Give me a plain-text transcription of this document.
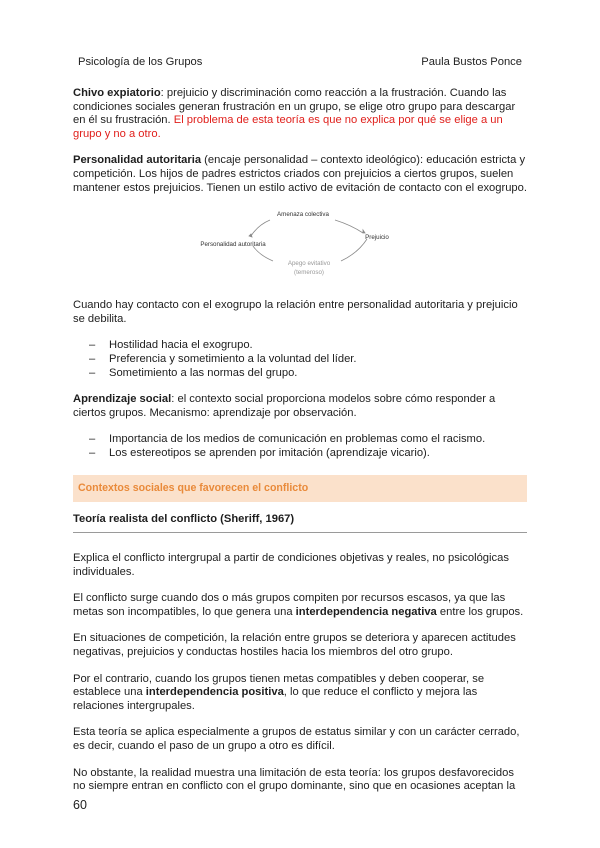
Psicología de los Grupos	Paula Bustos Ponce

Chivo expiatorio: prejuicio y discriminación como reacción a la frustración. Cuando las condiciones sociales generan frustración en un grupo, se elige otro grupo para descargar en él su frustración. El problema de esta teoría es que no explica por qué se elige a un grupo y no a otro.

Personalidad autoritaria (encaje personalidad – contexto ideológico): educación estricta y competición. Los hijos de padres estrictos criados con prejuicios a ciertos grupos, suelen mantener estos prejuicios. Tienen un estilo activo de evitación de contacto con el exogrupo.

Amenaza colectiva
Prejuicio
Personalidad autoritaria
Apego evitativo
(temeroso)

Cuando hay contacto con el exogrupo la relación entre personalidad autoritaria y prejuicio se debilita.

– Hostilidad hacia el exogrupo.
– Preferencia y sometimiento a la voluntad del líder.
– Sometimiento a las normas del grupo.

Aprendizaje social: el contexto social proporciona modelos sobre cómo responder a ciertos grupos. Mecanismo: aprendizaje por observación.

– Importancia de los medios de comunicación en problemas como el racismo.
– Los estereotipos se aprenden por imitación (aprendizaje vicario).
Contextos sociales que favorecen el conflicto

Teoría realista del conflicto (Sheriff, 1967)

Explica el conflicto intergrupal a partir de condiciones objetivas y reales, no psicológicas individuales.

El conflicto surge cuando dos o más grupos compiten por recursos escasos, ya que las metas son incompatibles, lo que genera una interdependencia negativa entre los grupos.

En situaciones de competición, la relación entre grupos se deteriora y aparecen actitudes negativas, prejuicios y conductas hostiles hacia los miembros del otro grupo.

Por el contrario, cuando los grupos tienen metas compatibles y deben cooperar, se establece una interdependencia positiva, lo que reduce el conflicto y mejora las relaciones intergrupales.

Esta teoría se aplica especialmente a grupos de estatus similar y con un carácter cerrado, es decir, cuando el paso de un grupo a otro es difícil.

No obstante, la realidad muestra una limitación de esta teoría: los grupos desfavorecidos no siempre entran en conflicto con el grupo dominante, sino que en ocasiones aceptan la

60
